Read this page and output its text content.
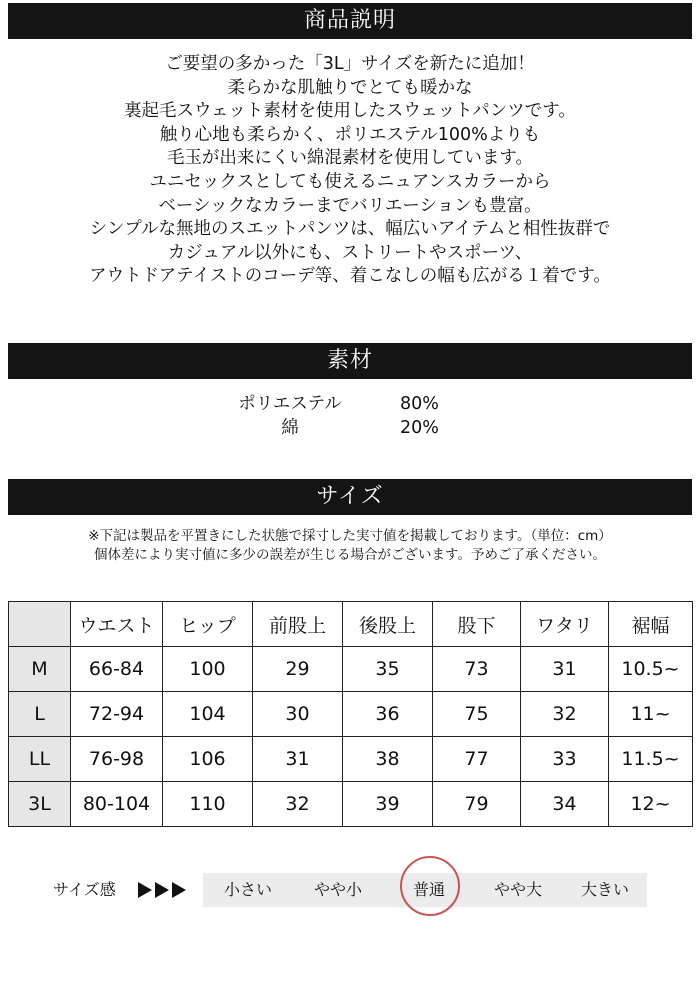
商品説明
ご要望の多かった「3L」サイズを新たに追加！
柔らかな肌触りでとても暖かな
裏起毛スウェット素材を使用したスウェットパンツです。
触り心地も柔らかく、ポリエステル100%よりも
毛玉が出来にくい綿混素材を使用しています。
ユニセックスとしても使えるニュアンスカラーから
ベーシックなカラーまでバリエーションも豊富。
シンプルな無地のスエットパンツは、幅広いアイテムと相性抜群で
カジュアル以外にも、ストリートやスポーツ、
アウトドアテイストのコーデ等、着こなしの幅も広がる１着です。
素材
ポリエステル	80%
綿	20%
サイズ
※下記は製品を平置きにした状態で採寸した実寸値を掲載しております。（単位：cm）
個体差により実寸値に多少の誤差が生じる場合がございます。予めご了承ください。
	ウエスト	ヒップ	前股上	後股上	股下	ワタリ	裾幅
M	66-84	100	29	35	73	31	10.5~
L	72-94	104	30	36	75	32	11~
LL	76-98	106	31	38	77	33	11.5~
3L	80-104	110	32	39	79	34	12~
サイズ感	小さい	やや小	普通	やや大	大きい
